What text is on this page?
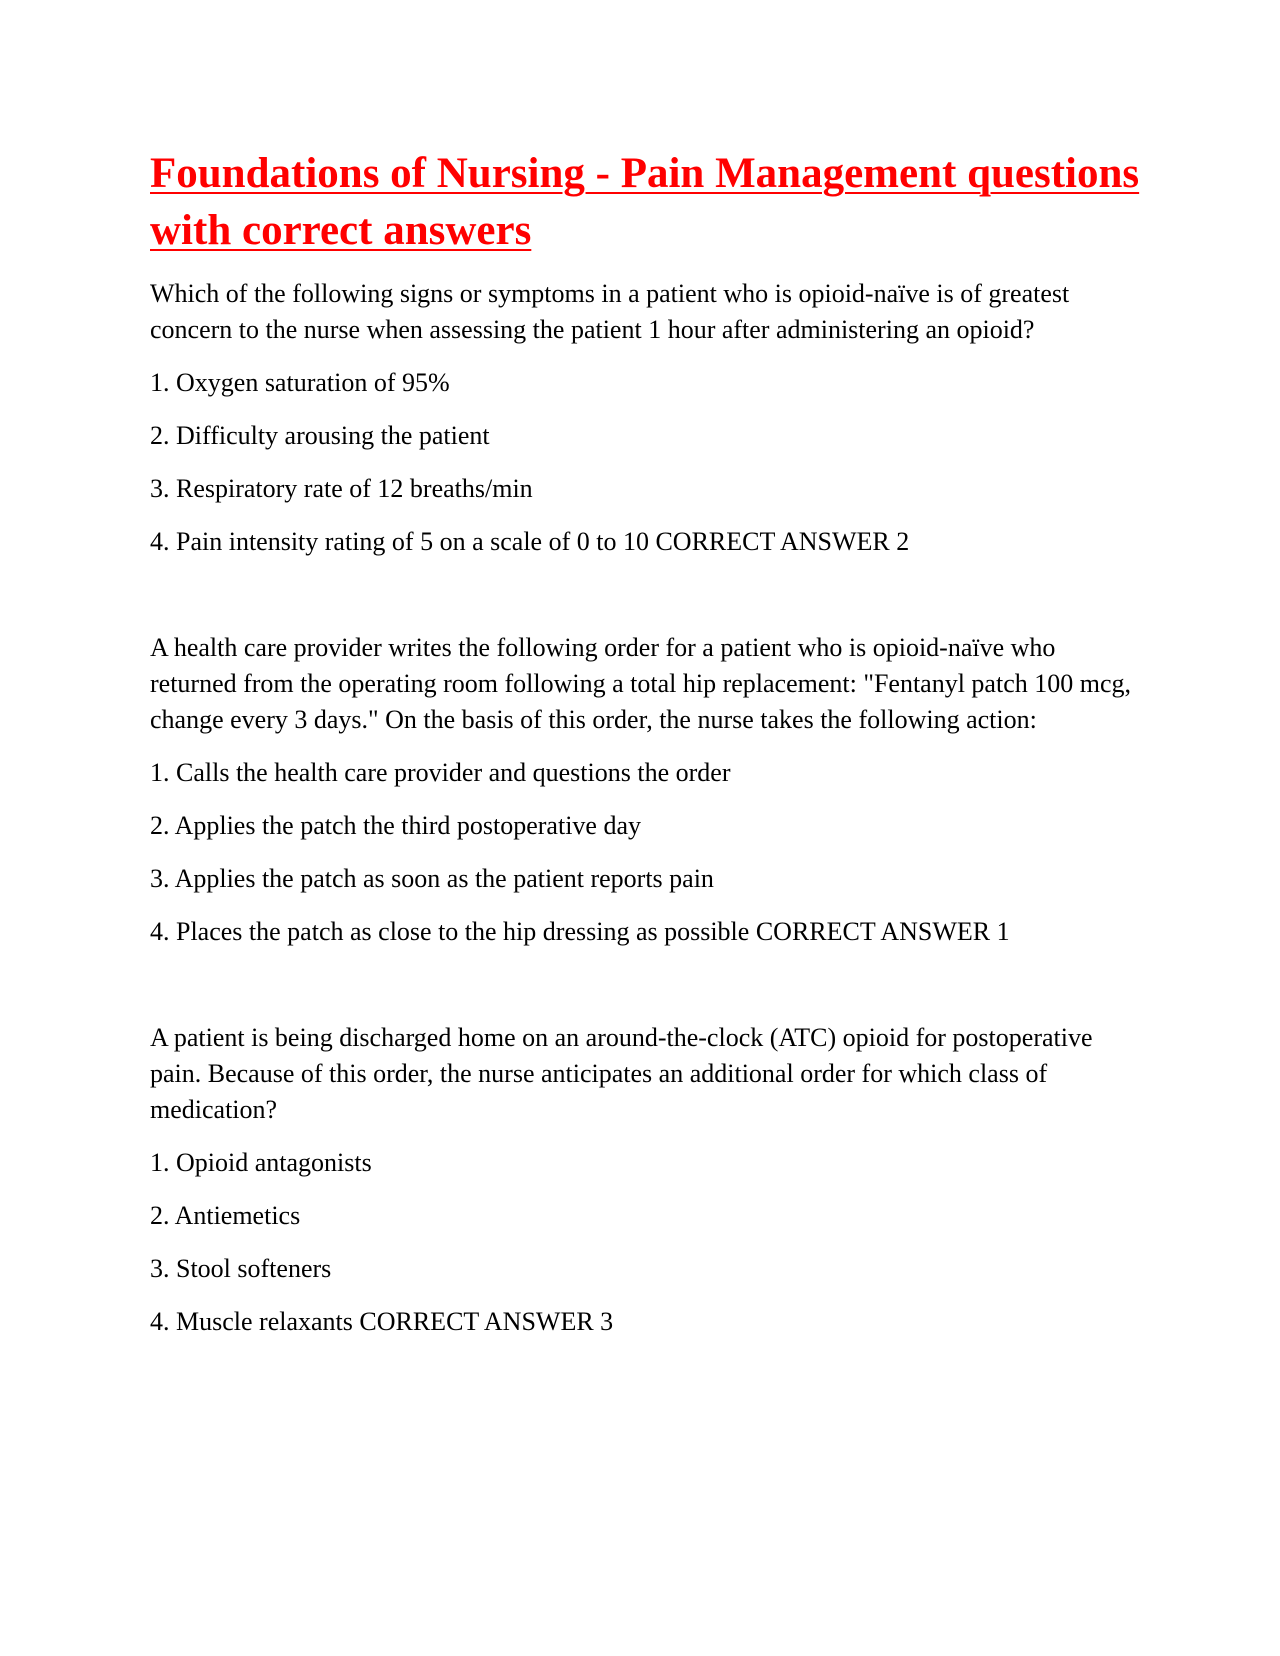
Foundations of Nursing - Pain Management questions with correct answers

Which of the following signs or symptoms in a patient who is opioid-naïve is of greatest concern to the nurse when assessing the patient 1 hour after administering an opioid?

1. Oxygen saturation of 95%

2. Difficulty arousing the patient

3. Respiratory rate of 12 breaths/min

4. Pain intensity rating of 5 on a scale of 0 to 10 CORRECT ANSWER 2

A health care provider writes the following order for a patient who is opioid-naïve who returned from the operating room following a total hip replacement: "Fentanyl patch 100 mcg, change every 3 days." On the basis of this order, the nurse takes the following action:

1. Calls the health care provider and questions the order

2. Applies the patch the third postoperative day

3. Applies the patch as soon as the patient reports pain

4. Places the patch as close to the hip dressing as possible CORRECT ANSWER 1

A patient is being discharged home on an around-the-clock (ATC) opioid for postoperative pain. Because of this order, the nurse anticipates an additional order for which class of medication?

1. Opioid antagonists

2. Antiemetics

3. Stool softeners

4. Muscle relaxants CORRECT ANSWER 3
